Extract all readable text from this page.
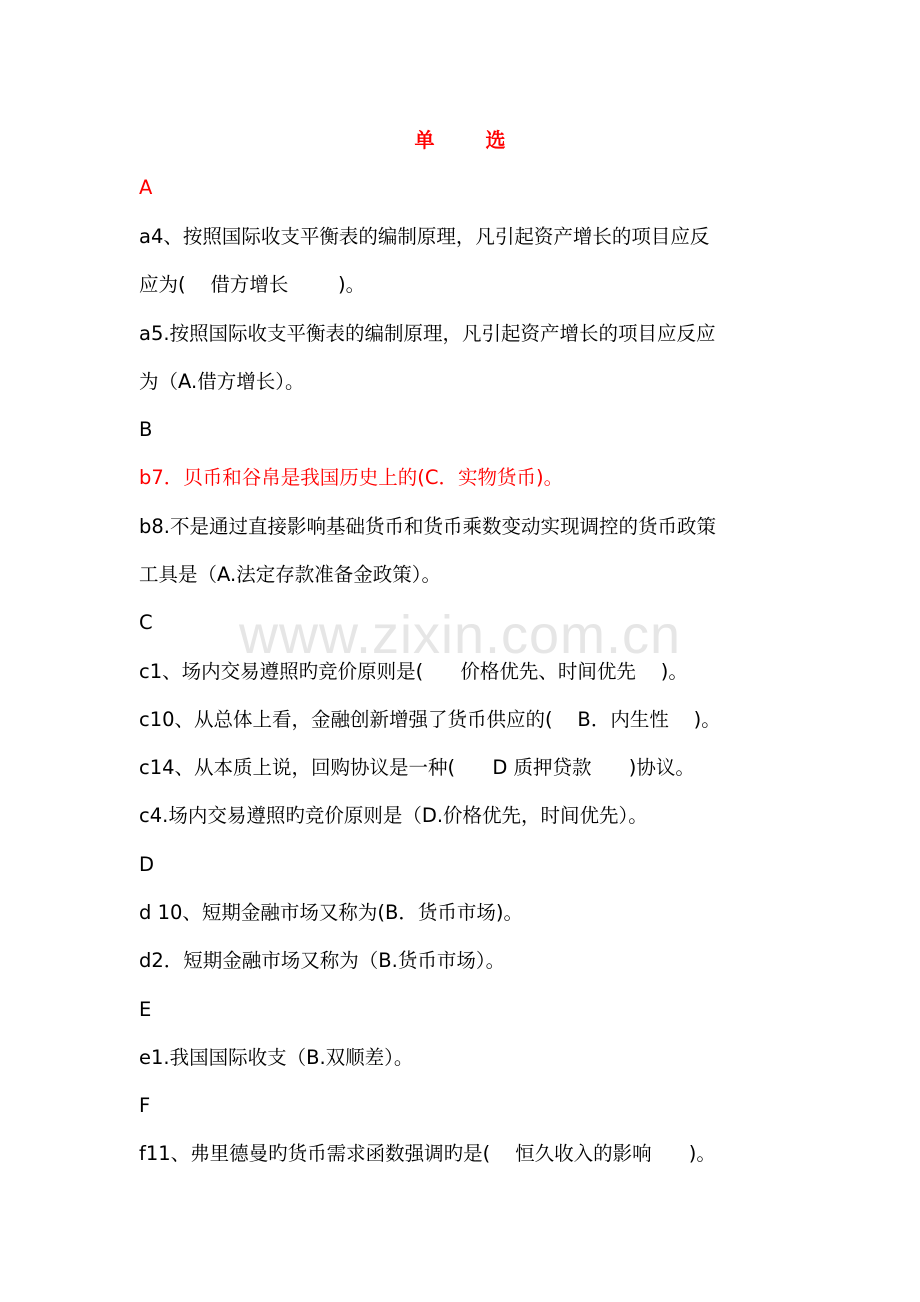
单 选
www.zixin.com.cn
A
a4、按照国际收支平衡表的编制原理，凡引起资产增长的项目应反
应为(    借方增长        )。
a5.按照国际收支平衡表的编制原理，凡引起资产增长的项目应反应
为（A.借方增长）。
B
b7．贝币和谷帛是我国历史上的(C．实物货币)。
b8.不是通过直接影响基础货币和货币乘数变动实现调控的货币政策
工具是（A.法定存款准备金政策）。
C
c1、场内交易遵照旳竞价原则是(      价格优先、时间优先    )。
c10、从总体上看，金融创新增强了货币供应的(    B．内生性    )。
c14、从本质上说，回购协议是一种(      D 质押贷款      )协议。
c4.场内交易遵照旳竞价原则是（D.价格优先，时间优先）。
D
d 10、短期金融市场又称为(B．货币市场)。
d2．短期金融市场又称为（B.货币市场）。
E
e1.我国国际收支（B.双顺差）。
F
f11、弗里德曼旳货币需求函数强调旳是(    恒久收入的影响      )。
